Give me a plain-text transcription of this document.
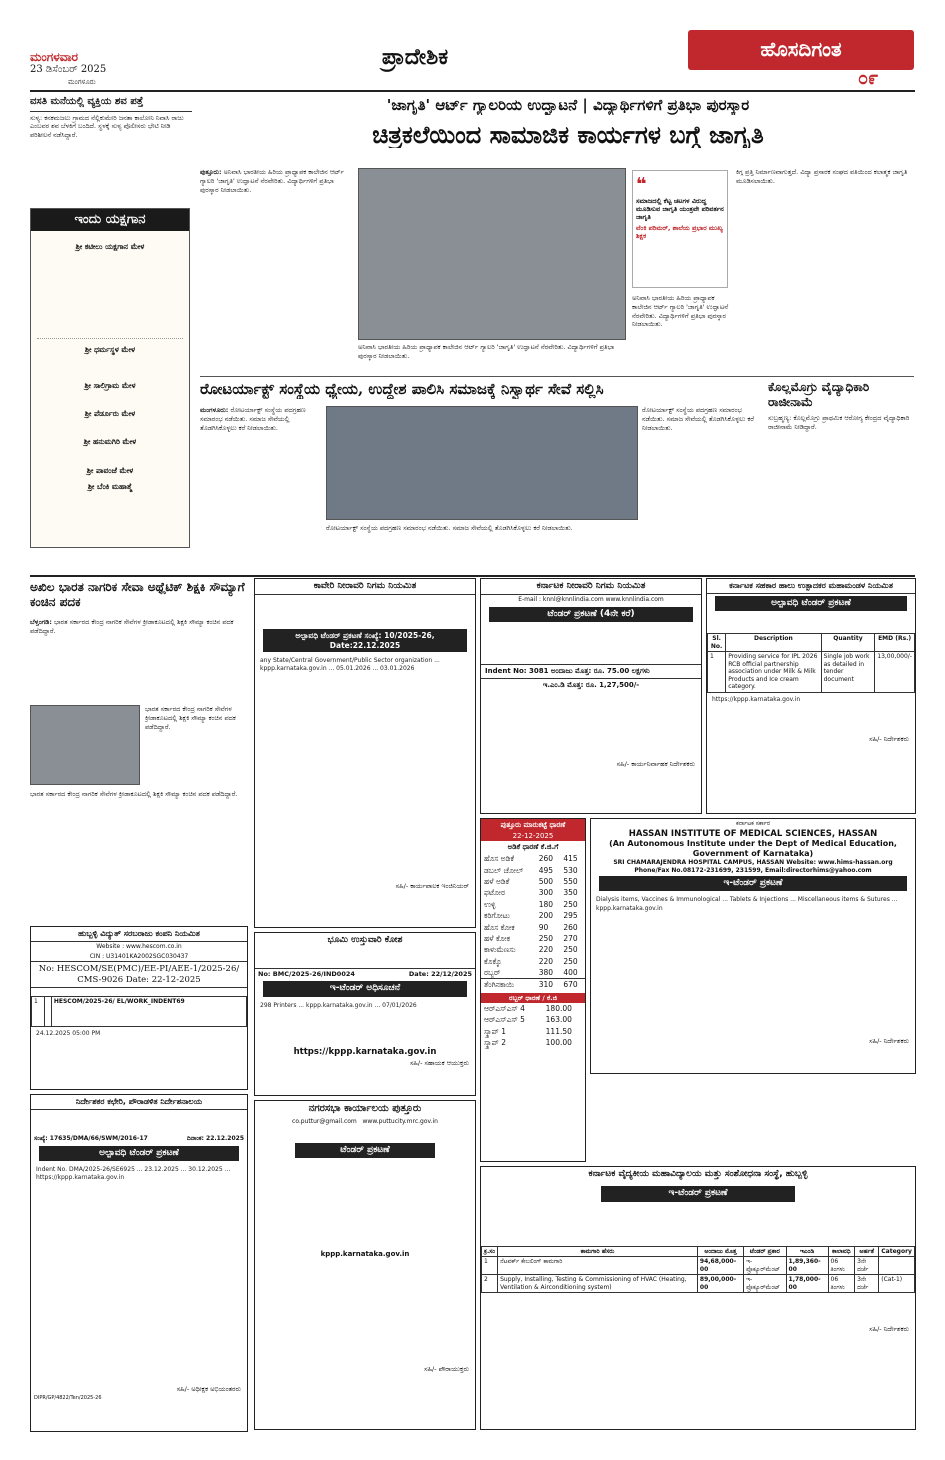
ಮಂಗಳವಾರ
23 ಡಿಸೆಂಬರ್ 2025
ಮಂಗಳೂರು
ಪ್ರಾದೇಶಿಕ	ಹೊಸದಿಗಂತ
೦೯
ವಸತಿ ಮನೆಯಲ್ಲಿ ವ್ಯಕ್ತಿಯ ಶವ ಪತ್ತೆ
ಸುಳ್ಯ: ಕನಕಮಜಲು ಗ್ರಾಮದ ನೆಲ್ಲಿಕುಮೇರಿ ಜನತಾ ಕಾಲೋನಿ ನಿವಾಸಿ ರಾಜು ಎಂಬವರ ಶವ ಬೆಳಕಿಗೆ ಬಂದಿದೆ. ಸ್ಥಳಕ್ಕೆ ಸುಳ್ಯ ಪೊಲೀಸರು ಭೇಟಿ ನೀಡಿ ಪರಿಶೀಲನೆ ನಡೆಸಿದ್ದಾರೆ.
ಇಂದು ಯಕ್ಷಗಾನ
ಶ್ರೀ ಕಟೀಲು ಯಕ್ಷಗಾನ ಮೇಳ
ಶ್ರೀ ಧರ್ಮಸ್ಥಳ ಮೇಳ
ಶ್ರೀ ಸಾಲಿಗ್ರಾಮ ಮೇಳ
ಶ್ರೀ ಪೆರ್ಡೂರು ಮೇಳ
ಶ್ರೀ ಹನುಮಗಿರಿ ಮೇಳ
ಶ್ರೀ ಪಾವಂಜೆ ಮೇಳ
ಶ್ರೀ ಬೆಂಕಿ ಮಹಾತ್ಮೆ
'ಜಾಗೃತಿ' ಆರ್ಟ್ ಗ್ಯಾಲರಿಯ ಉದ್ಘಾಟನೆ | ವಿದ್ಯಾರ್ಥಿಗಳಿಗೆ ಪ್ರತಿಭಾ ಪುರಸ್ಕಾರ
ಚಿತ್ರಕಲೆಯಿಂದ ಸಾಮಾಜಿಕ ಕಾರ್ಯಗಳ ಬಗ್ಗೆ ಜಾಗೃತಿ
ಪುತ್ತೂರು: ಅನಿವಾಸಿ ಭಾರತೀಯ ಹಿರಿಯ ಪ್ರಾಧ್ಯಾಪಕ ಕಾಲೇಜಿನ ಆರ್ಟ್ ಗ್ಯಾಲರಿ 'ಜಾಗೃತಿ' ಉದ್ಘಾಟನೆ ನೆರವೇರಿತು. ವಿದ್ಯಾರ್ಥಿಗಳಿಗೆ ಪ್ರತಿಭಾ ಪುರಸ್ಕಾರ ನೀಡಲಾಯಿತು.
ಅನಿವಾಸಿ ಭಾರತೀಯ ಹಿರಿಯ ಪ್ರಾಧ್ಯಾಪಕ ಕಾಲೇಜಿನ ಆರ್ಟ್ ಗ್ಯಾಲರಿ 'ಜಾಗೃತಿ' ಉದ್ಘಾಟನೆ ನೆರವೇರಿತು. ವಿದ್ಯಾರ್ಥಿಗಳಿಗೆ ಪ್ರತಿಭಾ ಪುರಸ್ಕಾರ ನೀಡಲಾಯಿತು.
❝
ಸಮಾಜದಲ್ಲಿ ಕೆಟ್ಟ ಚಟಗಳ ವಿರುದ್ಧ ಮೂಡಿಸುವ ಜಾಗೃತಿ ಯಂತ್ರವೇ ಪರಿವರ್ತನ ಜಾಗೃತಿ
ವೆಂಕಿ ಪರಿಮರ್, ಶಾಲೆಯ ಪ್ರಭಾರ ಮುಖ್ಯ ಶಿಕ್ಷಕ
ಅನಿವಾಸಿ ಭಾರತೀಯ ಹಿರಿಯ ಪ್ರಾಧ್ಯಾಪಕ ಕಾಲೇಜಿನ ಆರ್ಟ್ ಗ್ಯಾಲರಿ 'ಜಾಗೃತಿ' ಉದ್ಘಾಟನೆ ನೆರವೇರಿತು. ವಿದ್ಯಾರ್ಥಿಗಳಿಗೆ ಪ್ರತಿಭಾ ಪುರಸ್ಕಾರ ನೀಡಲಾಯಿತು.
ಕಿಗ್ಗ ಪ್ರತ್ತಿ ನಿರ್ಮಾಣವಾಗುತ್ತದೆ. ವಿದ್ಯಾ ಪ್ರಸಾರಕ ಸಂಘದ ವತಿಯಿಂದ ಕಲಾತ್ಮಕ ಜಾಗೃತಿ ಮೂಡಿಸಲಾಯಿತು.
ರೋಟರ್ಯಾಕ್ಟ್ ಸಂಸ್ಥೆಯ ಧ್ಯೇಯ, ಉದ್ದೇಶ ಪಾಲಿಸಿ ಸಮಾಜಕ್ಕೆ ನಿಸ್ವಾರ್ಥ ಸೇವೆ ಸಲ್ಲಿಸಿ
ಮಂಗಳೂರು: ರೋಟರ್ಯಾಕ್ಟ್ ಸಂಸ್ಥೆಯ ಪದಗ್ರಹಣ ಸಮಾರಂಭ ನಡೆಯಿತು. ಸಮಾಜ ಸೇವೆಯಲ್ಲಿ ತೊಡಗಿಸಿಕೊಳ್ಳಲು ಕರೆ ನೀಡಲಾಯಿತು.
ರೋಟರ್ಯಾಕ್ಟ್ ಸಂಸ್ಥೆಯ ಪದಗ್ರಹಣ ಸಮಾರಂಭ ನಡೆಯಿತು. ಸಮಾಜ ಸೇವೆಯಲ್ಲಿ ತೊಡಗಿಸಿಕೊಳ್ಳಲು ಕರೆ ನೀಡಲಾಯಿತು.
ರೋಟರ್ಯಾಕ್ಟ್ ಸಂಸ್ಥೆಯ ಪದಗ್ರಹಣ ಸಮಾರಂಭ ನಡೆಯಿತು. ಸಮಾಜ ಸೇವೆಯಲ್ಲಿ ತೊಡಗಿಸಿಕೊಳ್ಳಲು ಕರೆ ನೀಡಲಾಯಿತು.
ಕೊಲ್ಲಮೊಗ್ರು ವೈದ್ಯಾಧಿಕಾರಿ ರಾಜೀನಾಮೆ
ಸುಬ್ರಹ್ಮಣ್ಯ: ಕೊಲ್ಲಮೊಗ್ರು ಪ್ರಾಥಮಿಕ ಆರೋಗ್ಯ ಕೇಂದ್ರದ ವೈದ್ಯಾಧಿಕಾರಿ ರಾಜೀನಾಮೆ ನೀಡಿದ್ದಾರೆ.
ಅಖಿಲ ಭಾರತ ನಾಗರಿಕ ಸೇವಾ ಅಥ್ಲೆಟಿಕ್ ಶಿಕ್ಷಕಿ ಸೌಮ್ಯಾಗೆ ಕಂಚಿನ ಪದಕ
ಬೆಳ್ತಂಗಡಿ: ಭಾರತ ಸರ್ಕಾರದ ಕೇಂದ್ರ ನಾಗರಿಕ ಸೇವೆಗಳ ಕ್ರೀಡಾಕೂಟದಲ್ಲಿ ಶಿಕ್ಷಕಿ ಸೌಮ್ಯಾ ಕಂಚಿನ ಪದಕ ಪಡೆದಿದ್ದಾರೆ.
ಭಾರತ ಸರ್ಕಾರದ ಕೇಂದ್ರ ನಾಗರಿಕ ಸೇವೆಗಳ ಕ್ರೀಡಾಕೂಟದಲ್ಲಿ ಶಿಕ್ಷಕಿ ಸೌಮ್ಯಾ ಕಂಚಿನ ಪದಕ ಪಡೆದಿದ್ದಾರೆ.
ಭಾರತ ಸರ್ಕಾರದ ಕೇಂದ್ರ ನಾಗರಿಕ ಸೇವೆಗಳ ಕ್ರೀಡಾಕೂಟದಲ್ಲಿ ಶಿಕ್ಷಕಿ ಸೌಮ್ಯಾ ಕಂಚಿನ ಪದಕ ಪಡೆದಿದ್ದಾರೆ.
ಕಾವೇರಿ ನೀರಾವರಿ ನಿಗಮ ನಿಯಮಿತ
ಅಲ್ಪಾವಧಿ ಟೆಂಡರ್ ಪ್ರಕಟಣೆ ಸಂಖ್ಯೆ: 10/2025-26, Date:22.12.2025
any State/Central Government/Public Sector organization ... kppp.karnataka.gov.in ... 05.01.2026 ... 03.01.2026
ಸಹಿ/- ಕಾರ್ಯಪಾಲಕ ಇಂಜಿನಿಯರ್
ಕರ್ನಾಟಕ ನೀರಾವರಿ ನಿಗಮ ನಿಯಮಿತ
E-mail : knnl@knnlindia.com www.knnlindia.com
ಟೆಂಡರ್ ಪ್ರಕಟಣೆ (4ನೇ ಕರೆ)
Indent No: 3081 ಅಂದಾಜು ಮೊತ್ತ: ರೂ. 75.00 ಲಕ್ಷಗಳು
ಇ.ಎಂ.ಡಿ ಮೊತ್ತ: ರೂ. 1,27,500/-
ಸಹಿ/- ಕಾರ್ಯನಿರ್ವಾಹಕ ನಿರ್ದೇಶಕರು
ಕರ್ನಾಟಕ ಸಹಕಾರ ಹಾಲು ಉತ್ಪಾದಕರ ಮಹಾಮಂಡಳ ನಿಯಮಿತ
ಅಲ್ಪಾವಧಿ ಟೆಂಡರ್ ಪ್ರಕಟಣೆ
Sl. No.	Description	Quantity	EMD (Rs.)
1	Providing service for IPL 2026 RCB official partnership association under Milk & Milk Products and Ice cream category.	Single job work as detailed in tender document	13,00,000/-
https://kppp.karnataka.gov.in
ಸಹಿ/- ನಿರ್ದೇಶಕರು
ಪುತ್ತೂರು ಮಾರುಕಟ್ಟೆ ಧಾರಣೆ
22-12-2025
ಅಡಿಕೆ ಧಾರಣೆ ಕೆ.ಜಿ.ಗೆ
ಹೊಸ ಅಡಿಕೆ	260	415
ಡಬಲ್ ಚೋಲ್	495	530
ಹಳೆ ಅಡಿಕೆ	500	550
ಫಟೋರ	300	350
ಉಳ್ಳಿ	180	250
ಕರಿಗೋಟು	200	295
ಹೊಸ ಕೋಕ	90	260
ಹಳೆ ಕೋಕ	250	270
ಕಾಳುಮೆಣಸು	220	250
ಕೊಕ್ಕೊ	220	250
ರಬ್ಬರ್	380	400
ತೆಂಗಿನಕಾಯಿ	310	670
ರಬ್ಬರ್ ಧಾರಣೆ / ಕೆ.ಜಿ
ಆರ್‌ಎಸ್ಎಸ್ 4	180.00
ಆರ್‌ಎಸ್ಎಸ್ 5	163.00
ಸ್ಕ್ರಾಪ್ 1	111.50
ಸ್ಕ್ರಾಪ್ 2	100.00
ಕರ್ನಾಟಕ ಸರ್ಕಾರ
HASSAN INSTITUTE OF MEDICAL SCIENCES, HASSAN
(An Autonomous Institute under the Dept of Medical Education, Government of Karnataka)
SRI CHAMARAJENDRA HOSPITAL CAMPUS, HASSAN Website: www.hims-hassan.org
Phone/Fax No.08172-231699, 231599, Email:directorhims@yahoo.com
ಇ-ಟೆಂಡರ್ ಪ್ರಕಟಣೆ
Dialysis items, Vaccines & Immunological ... Tablets & Injections ... Miscellaneous items & Sutures ... kppp.karnataka.gov.in
ಸಹಿ/- ನಿರ್ದೇಶಕರು
ಹುಬ್ಬಳ್ಳಿ ವಿದ್ಯುತ್ ಸರಬರಾಜು ಕಂಪನಿ ನಿಯಮಿತ
Website : www.hescom.co.in
CIN : U31401KA2002SGC030437
No: HESCOM/SE(PMC)/EE-PI/AEE-1/2025-26/ CMS-9026 Date: 22-12-2025
1		HESCOM/2025-26/ EL/WORK_INDENT69
24.12.2025 05:00 PM
ಭೂಮಿ ಉಸ್ತುವಾರಿ ಕೋಶ
No: BMC/2025-26/IND0024	Date: 22/12/2025
ಇ-ಟೆಂಡರ್ ಅಧಿಸೂಚನೆ
298 Printers ... kppp.karnataka.gov.in ... 07/01/2026
https://kppp.karnataka.gov.in
ಸಹಿ/- ಸಹಾಯಕ ಆಯುಕ್ತರು
ನಿರ್ದೇಶಕರ ಕಛೇರಿ, ಪೌರಾಡಳಿತ ನಿರ್ದೇಶನಾಲಯ
ಸಂಖ್ಯೆ: 17635/DMA/66/SWM/2016-17	ದಿನಾಂಕ: 22.12.2025
ಅಲ್ಪಾವಧಿ ಟೆಂಡರ್ ಪ್ರಕಟಣೆ
Indent No. DMA/2025-26/SE6925 ... 23.12.2025 ... 30.12.2025 ... https://kppp.karnataka.gov.in
ಸಹಿ/- ಅಧೀಕ್ಷಕ ಅಭಿಯಂತರರು
DIPR/GP/4822/Ten/2025-26
ನಗರಸಭಾ ಕಾರ್ಯಾಲಯ ಪುತ್ತೂರು
co.puttur@gmail.com www.puttucity.mrc.gov.in
ಟೆಂಡರ್ ಪ್ರಕಟಣೆ
kppp.karnataka.gov.in
ಸಹಿ/- ಪೌರಾಯುಕ್ತರು
ಕರ್ನಾಟಕ ವೈದ್ಯಕೀಯ ಮಹಾವಿದ್ಯಾಲಯ ಮತ್ತು ಸಂಶೋಧನಾ ಸಂಸ್ಥೆ, ಹುಬ್ಬಳ್ಳಿ
ಇ-ಟೆಂಡರ್ ಪ್ರಕಟಣೆ
ಕ್ರ.ಸಂ	ಕಾಮಗಾರಿ ಹೆಸರು	ಅಂದಾಜು ಮೊತ್ತ	ಟೆಂಡರ್ ಪ್ರಕಾರ	ಇಎಂಡಿ	ಕಾಲಾವಧಿ	ಅರ್ಹತೆ	Category
1	ನೆಟವರ್ಕ್ ಕೇಬಲಿಂಗ್ ಕಾಮಗಾರಿ	94,68,000-00	ಇ-ಪ್ರೊಕ್ಯೂರ್‌ಮೆಂಟ್	1,89,360-00	06 ತಿಂಗಳು	3ನೇ ದರ್ಜೆ	
2	Supply, Installing, Testing & Commissioning of HVAC (Heating, Ventilation & Airconditioning system)	89,00,000-00	ಇ-ಪ್ರೊಕ್ಯೂರ್‌ಮೆಂಟ್	1,78,000-00	06 ತಿಂಗಳು	3ನೇ ದರ್ಜೆ	(Cat-1)
ಸಹಿ/- ನಿರ್ದೇಶಕರು
